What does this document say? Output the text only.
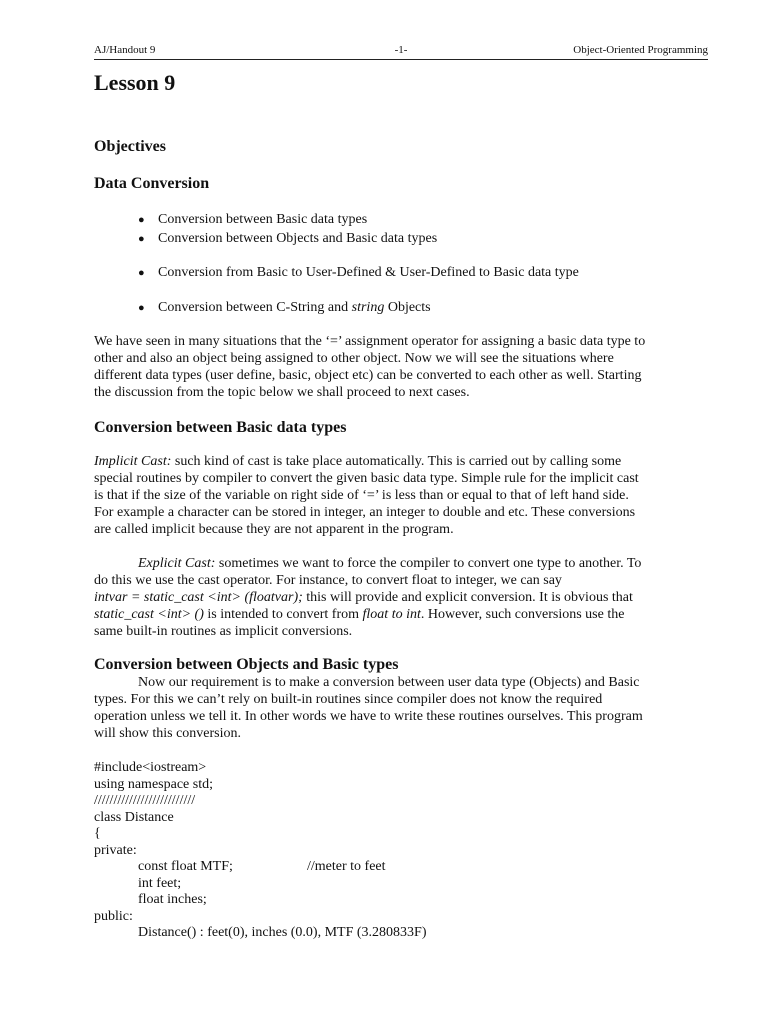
AJ/Handout 9	-1-	Object-Oriented Programming
Lesson 9
Objectives
Data Conversion
● Conversion between Basic data types
● Conversion between Objects and Basic data types
● Conversion from Basic to User-Defined & User-Defined to Basic data type
● Conversion between C-String and string Objects
We have seen in many situations that the ‘=’ assignment operator for assigning a basic data type to
other and also an object being assigned to other object. Now we will see the situations where
different data types (user define, basic, object etc) can be converted to each other as well. Starting
the discussion from the topic below we shall proceed to next cases.
Conversion between Basic data types
Implicit Cast: such kind of cast is take place automatically. This is carried out by calling some
special routines by compiler to convert the given basic data type. Simple rule for the implicit cast
is that if the size of the variable on right side of ‘=’ is less than or equal to that of left hand side.
For example a character can be stored in integer, an integer to double and etc. These conversions
are called implicit because they are not apparent in the program.
Explicit Cast: sometimes we want to force the compiler to convert one type to another. To
do this we use the cast operator. For instance, to convert float to integer, we can say
intvar = static_cast <int> (floatvar); this will provide and explicit conversion. It is obvious that
static_cast <int> () is intended to convert from float to int. However, such conversions use the
same built-in routines as implicit conversions.
Conversion between Objects and Basic types
Now our requirement is to make a conversion between user data type (Objects) and Basic
types. For this we can’t rely on built-in routines since compiler does not know the required
operation unless we tell it. In other words we have to write these routines ourselves. This program
will show this conversion.
#include<iostream>
using namespace std;
//////////////////////////
class Distance
{
private:
const float MTF;	//meter to feet
int feet;
float inches;
public:
Distance() : feet(0), inches (0.0), MTF (3.280833F)
